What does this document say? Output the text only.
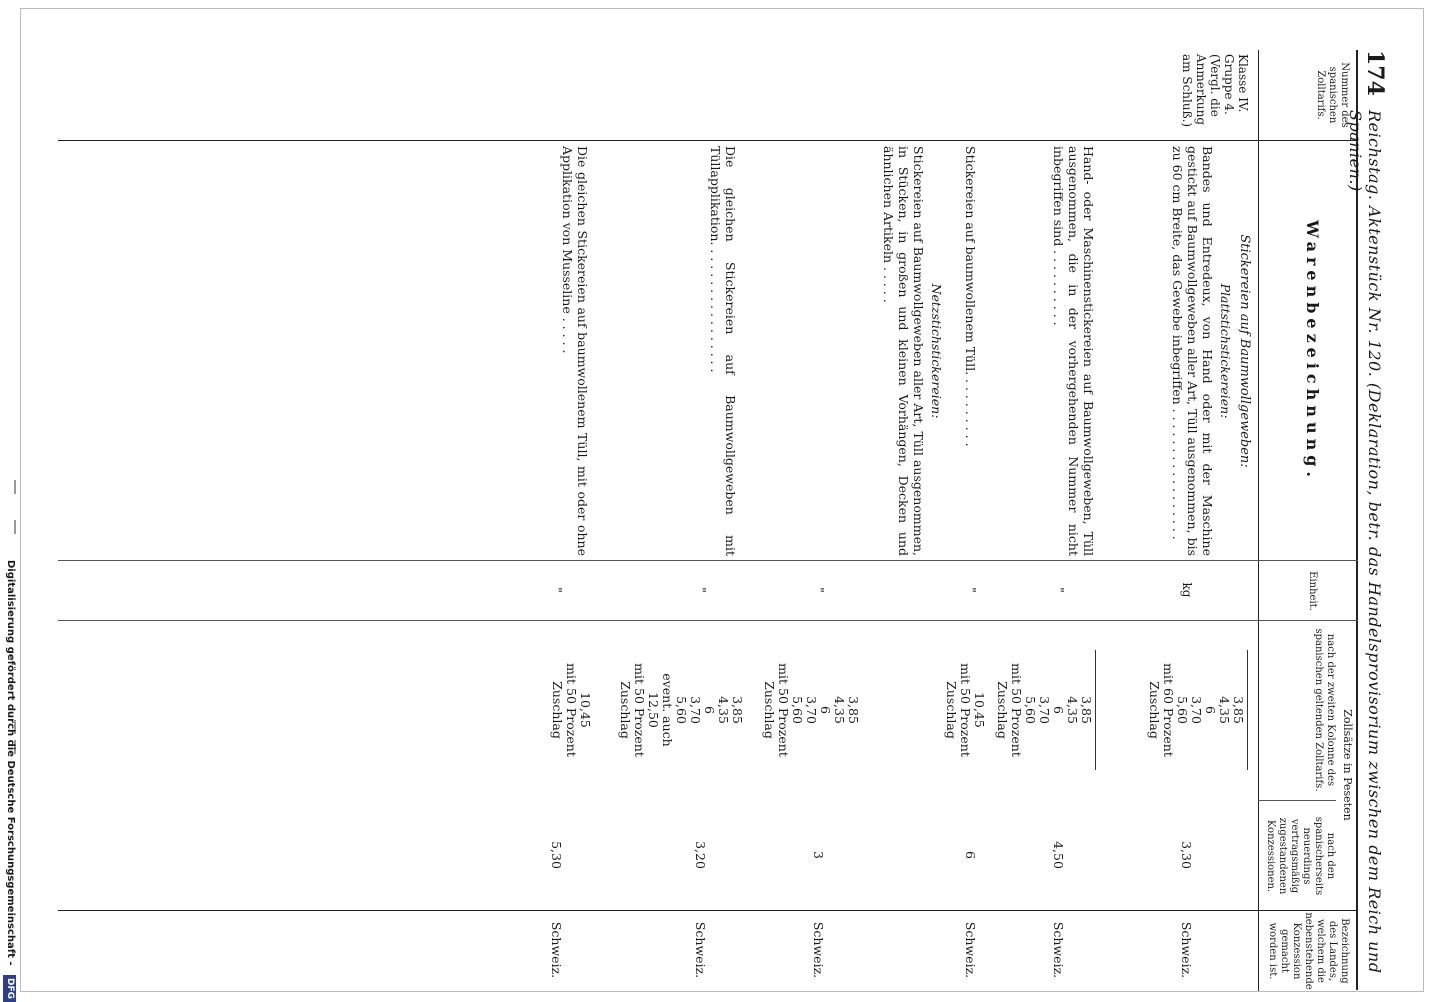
Digitalisierung gefördert durch die Deutsche Forschungsgemeinschaft - DFG
174
Reichstag. Aktenstück Nr. 120. (Deklaration, betr. das Handelsprovisorium zwischen dem Reich und Spanien.)
Nummer des spanischen Zolltarifs.
Warenbezeichnung.
Einheit.
Bezeichnung des Landes, welchem die nebenstehende Konzession gemacht worden ist.
Zollsätze in Peseten
nach der zweiten Kolonne des spanischen geltenden Zolltarifs.
nach den spanischerseits neuerdings vertragsmäßig zugestandenen Konzessionen.
Klasse IV. Gruppe 4. (Vergl. die Anmerkung am Schluß.)
Stickereien auf Baumwollgeweben:
Plattstichstickereien:
Bandes und Entredeux, von Hand oder mit der Maschine gestickt auf Baumwollgeweben aller Art, Tüll ausgenommen, bis zu 60 cm Breite, das Gewebe inbegriffen . . . . . . . . . . . . . . . . .
kg
3,85
4,35
6
3,70
5,60
mit 60 Prozent
Zuschlag
3,30
Schweiz.
Hand- oder Maschinenstickereien auf Baumwollgeweben, Tüll ausgenommen, die in der vorhergehenden Nummer nicht inbegriffen sind . . . . . . . . . .
"
3,85
4,35
6
3,70
5,60
mit 50 Prozent
Zuschlag
4,50
Schweiz.
Stickereien auf baumwollenem Tüll. . . . . . . . . .
"
10,45
mit 50 Prozent
Zuschlag
6
Schweiz.
Netzstichstickereien:
Stickereien auf Baumwollgeweben aller Art, Tüll ausgenommen, in Stücken, in großen und kleinen Vorhängen, Decken und ähnlichen Artikeln . . . . .
"
3,85
4,35
6
3,70
5,60
mit 50 Prozent
Zuschlag
3
Schweiz.
Die gleichen Stickereien auf Baumwollgeweben mit Tüllapplikation. . . . . . . . . . . . . . . . .
"
3,85
4,35
6
3,70
5,60
event. auch
12,50
mit 50 Prozent
Zuschlag
3,20
Schweiz.
Die gleichen Stickereien auf baumwollenem Tüll, mit oder ohne Applikation von Musseline . . . . .
"
10,45
mit 50 Prozent
Zuschlag
5,30
Schweiz.
